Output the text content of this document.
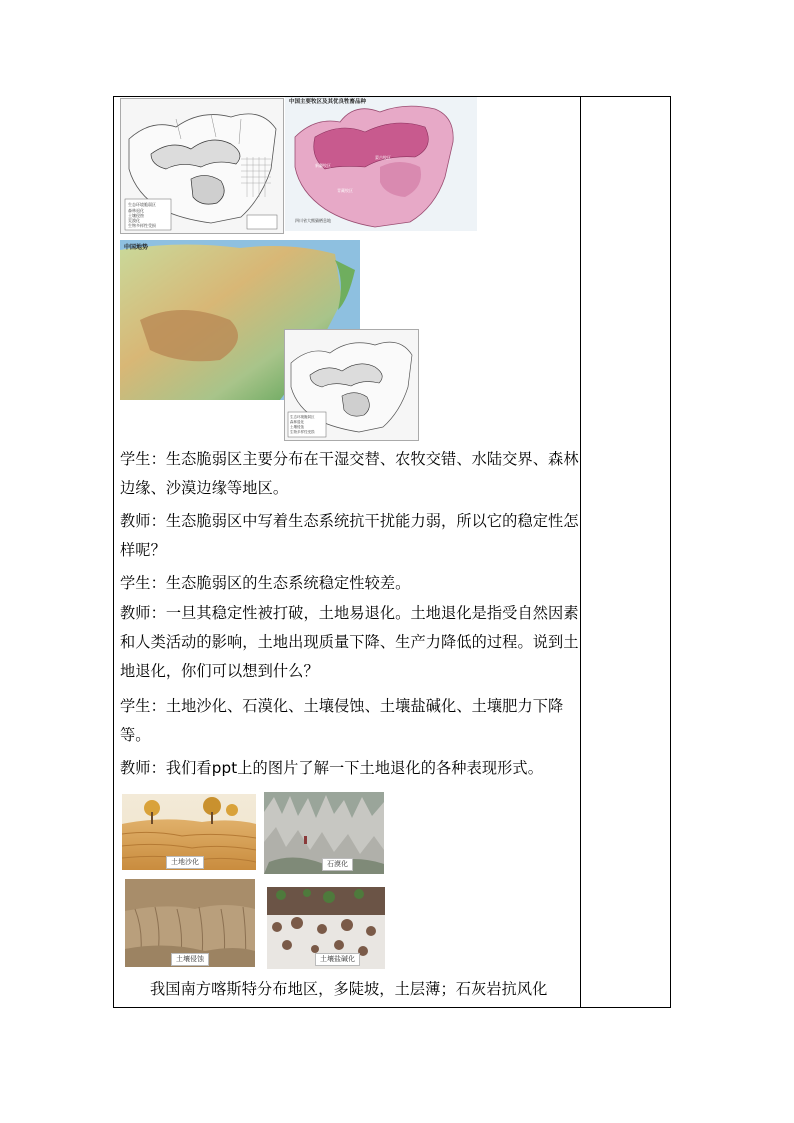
生态环境脆弱区
森林退化
土壤侵蚀
荒漠化
生物多样性受损
中国主要牧区及其优良牲畜品种
新疆牧区
蒙古牧区
青藏牧区
四川省大熊猫栖息地
中国地势
生态环境脆弱区
森林退化
土壤侵蚀
生物多样性受损
学生：生态脆弱区主要分布在干湿交替、农牧交错、水陆交界、森林边缘、沙漠边缘等地区。
教师：生态脆弱区中写着生态系统抗干扰能力弱，所以它的稳定性怎样呢？
学生：生态脆弱区的生态系统稳定性较差。
教师：一旦其稳定性被打破，土地易退化。土地退化是指受自然因素和人类活动的影响，土地出现质量下降、生产力降低的过程。说到土地退化，你们可以想到什么？
学生：土地沙化、石漠化、土壤侵蚀、土壤盐碱化、土壤肥力下降等。
教师：我们看ppt上的图片了解一下土地退化的各种表现形式。
土地沙化	石漠化
土壤侵蚀	土壤盐碱化
我国南方喀斯特分布地区，多陡坡，土层薄；石灰岩抗风化
